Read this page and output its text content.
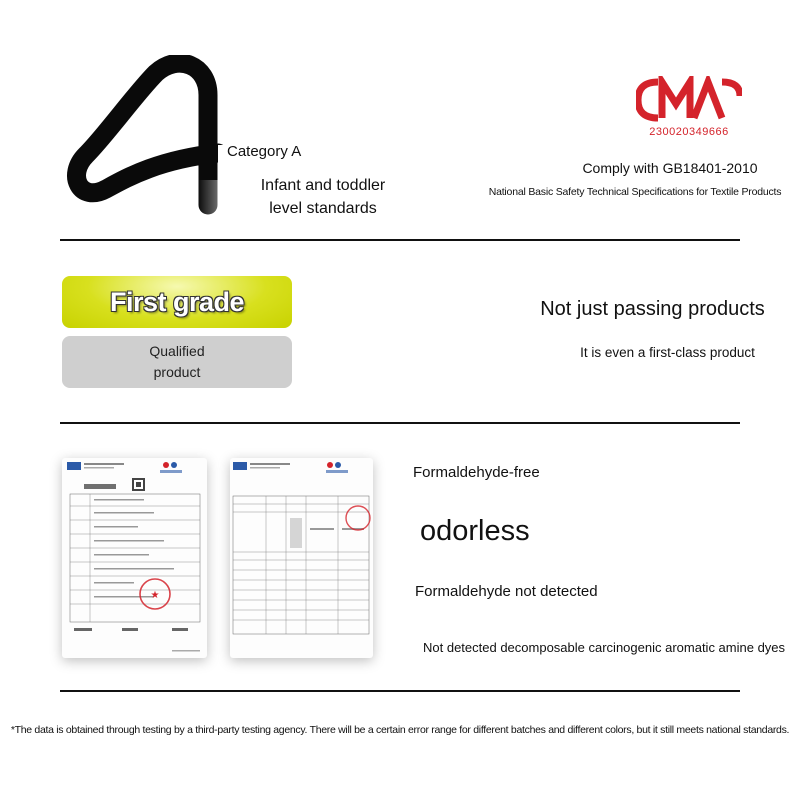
Category A
Infant and toddler level standards
230020349666
Comply with GB18401-2010
National Basic Safety Technical Specifications for Textile Products
First grade
Qualified product
Not just passing products
It is even a first-class product
★
Formaldehyde-free
odorless
Formaldehyde not detected
Not detected decomposable carcinogenic aromatic amine dyes
*The data is obtained through testing by a third-party testing agency. There will be a certain error range for different batches and different colors, but it still meets national standards.
